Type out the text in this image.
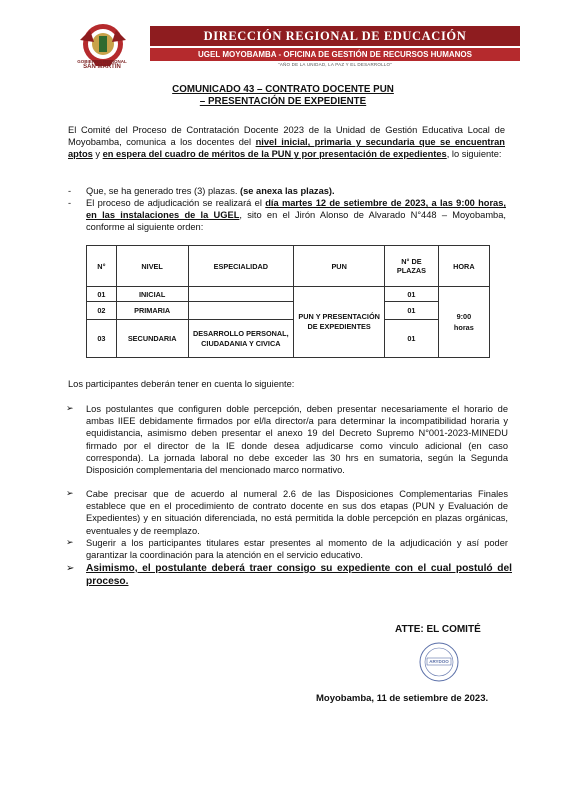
GOBIERNO REGIONAL
SAN MARTÍN
DIRECCIÓN REGIONAL DE EDUCACIÓN
UGEL MOYOBAMBA - OFICINA DE GESTIÓN DE RECURSOS HUMANOS
"AÑO DE LA UNIDAD, LA PAZ Y EL DESARROLLO"
COMUNICADO 43 – CONTRATO DOCENTE PUN
– PRESENTACIÓN DE EXPEDIENTE
El Comité del Proceso de Contratación Docente 2023 de la Unidad de Gestión Educativa Local de Moyobamba, comunica a los docentes del nivel inicial, primaria y secundaria que se encuentran aptos y en espera del cuadro de méritos de la PUN y por presentación de expedientes, lo siguiente:
- Que, se ha generado tres (3) plazas. (se anexa las plazas).
- El proceso de adjudicación se realizará el día martes 12 de setiembre de 2023, a las 9:00 horas, en las instalaciones de la UGEL, sito en el Jirón Alonso de Alvarado N°448 – Moyobamba, conforme al siguiente orden:
N°	NIVEL	ESPECIALIDAD	PUN	N° DE PLAZAS	HORA
01	INICIAL		PUN Y PRESENTACIÓN DE EXPEDIENTES	01	9:00
horas

02	PRIMARIA			01	
03	SECUNDARIA	DESARROLLO PERSONAL, CIUDADANIA Y CIVICA		01	
Los participantes deberán tener en cuenta lo siguiente:
➢ Los postulantes que configuren doble percepción, deben presentar necesariamente el horario de ambas IIEE debidamente firmados por el/la director/a para determinar la incompatibilidad horaria y equidistancia, asimismo deben presentar el anexo 19 del Decreto Supremo N°001-2023-MINEDU firmado por el director de la IE donde desea adjudicarse como vinculo adicional (en caso corresponda). La jornada laboral no debe exceder las 30 hrs en sumatoria, según la Segunda Disposición complementaria del mencionado marco normativo.
➢ Cabe precisar que de acuerdo al numeral 2.6 de las Disposiciones Complementarias Finales establece que en el procedimiento de contrato docente en sus dos etapas (PUN y Evaluación de Expedientes) y en situación diferenciada, no está permitida la doble percepción en plazas orgánicas, eventuales y de reemplazo.
➢ Sugerir a los participantes titulares estar presentes al momento de la adjudicación y así poder garantizar la coordinación para la atención en el servicio educativo.
➢ Asimismo, el postulante deberá traer consigo su expediente con el cual postuló del proceso.
ATTE: EL COMITÉ
ARYDOO
Moyobamba, 11 de setiembre de 2023.
